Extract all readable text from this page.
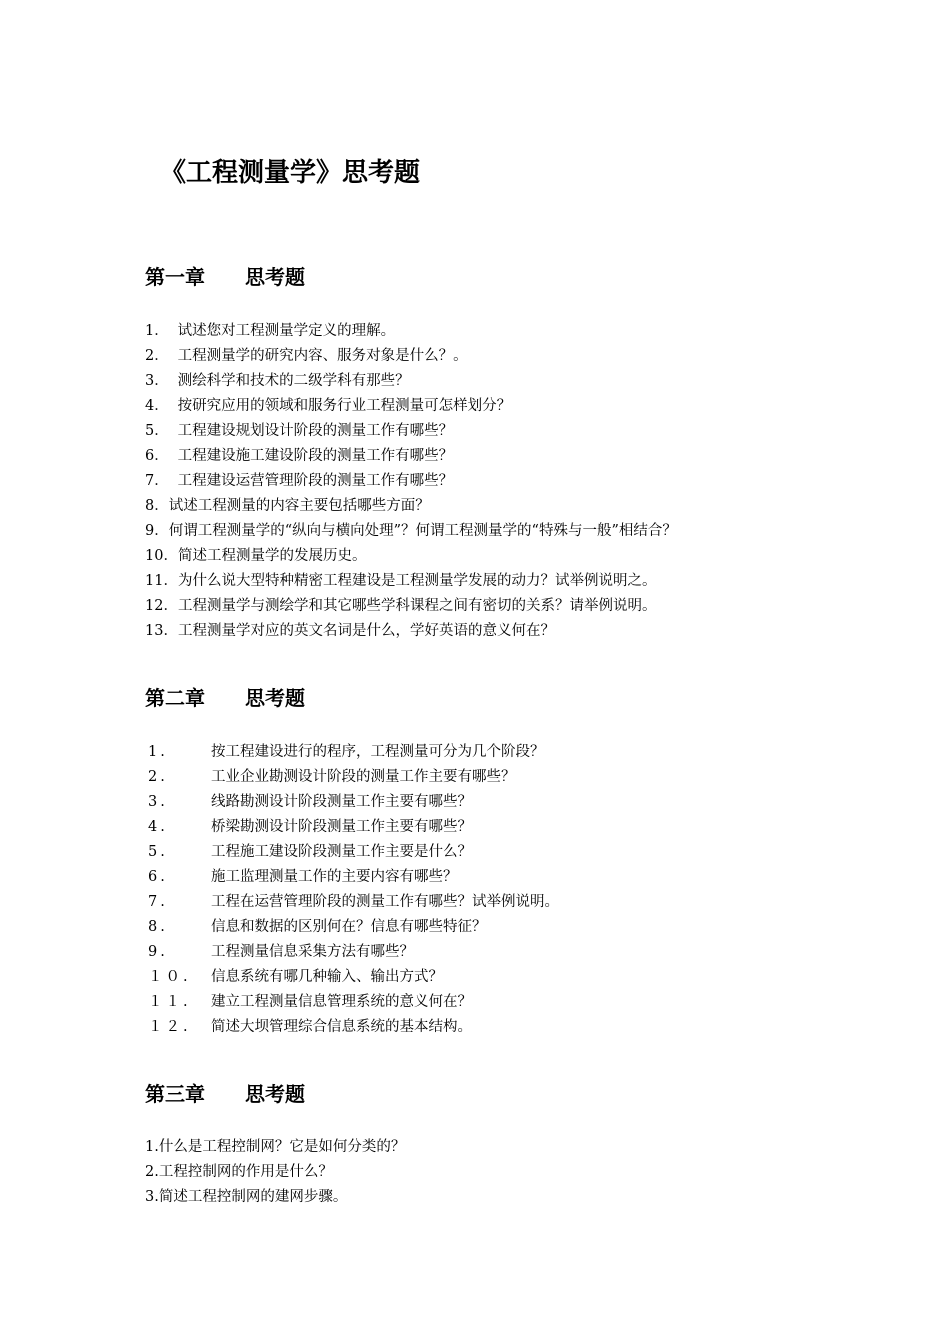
《工程测量学》思考题
第一章 思考题
1． 试述您对工程测量学定义的理解。
2． 工程测量学的研究内容、服务对象是什么？。
3． 测绘科学和技术的二级学科有那些？
4． 按研究应用的领域和服务行业工程测量可怎样划分？
5． 工程建设规划设计阶段的测量工作有哪些？
6． 工程建设施工建设阶段的测量工作有哪些？
7． 工程建设运营管理阶段的测量工作有哪些？
8．试述工程测量的内容主要包括哪些方面？
9．何谓工程测量学的“纵向与横向处理”？何谓工程测量学的“特殊与一般”相结合？
10．简述工程测量学的发展历史。
11．为什么说大型特种精密工程建设是工程测量学发展的动力？试举例说明之。
12．工程测量学与测绘学和其它哪些学科课程之间有密切的关系？请举例说明。
13．工程测量学对应的英文名词是什么，学好英语的意义何在？
第二章 思考题
1.	按工程建设进行的程序，工程测量可分为几个阶段？
2.	工业企业勘测设计阶段的测量工作主要有哪些？
3.	线路勘测设计阶段测量工作主要有哪些？
4.	桥梁勘测设计阶段测量工作主要有哪些？
5.	工程施工建设阶段测量工作主要是什么？
6.	施工监理测量工作的主要内容有哪些？
7.	工程在运营管理阶段的测量工作有哪些？试举例说明。
8.	信息和数据的区别何在？信息有哪些特征？
9.	工程测量信息采集方法有哪些？
１０. 信息系统有哪几种输入、输出方式？
１１. 建立工程测量信息管理系统的意义何在？
１２. 简述大坝管理综合信息系统的基本结构。
第三章 思考题
1.什么是工程控制网？它是如何分类的？
2.工程控制网的作用是什么？
3.简述工程控制网的建网步骤。
